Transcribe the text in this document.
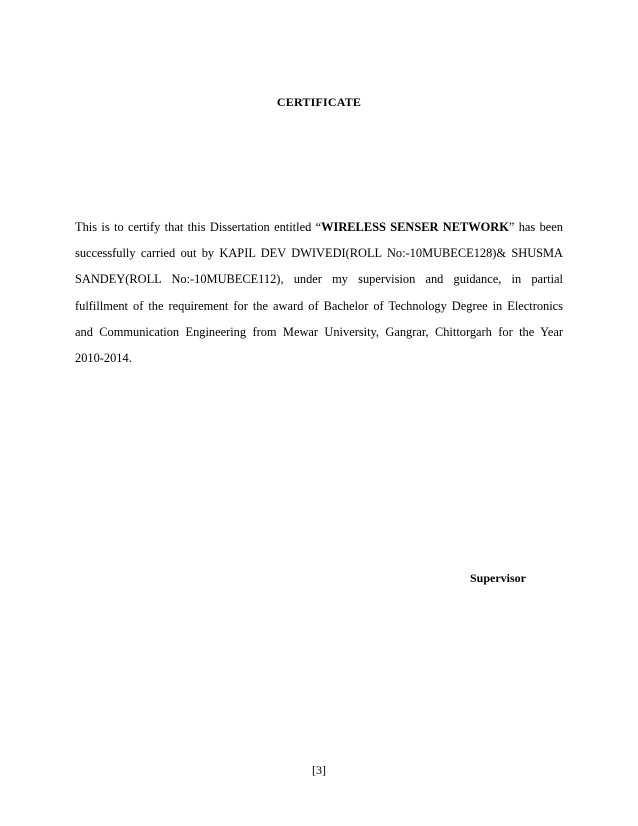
CERTIFICATE
This is to certify that this Dissertation entitled “WIRELESS SENSER NETWORK” has been
successfully carried out by KAPIL DEV DWIVEDI(ROLL No:-10MUBECE128)& SHUSMA
SANDEY(ROLL No:-10MUBECE112), under my supervision and guidance, in partial
fulfillment of the requirement for the award of Bachelor of Technology Degree in Electronics
and Communication Engineering from Mewar University, Gangrar, Chittorgarh for the Year
2010-2014.
Supervisor
[3]
